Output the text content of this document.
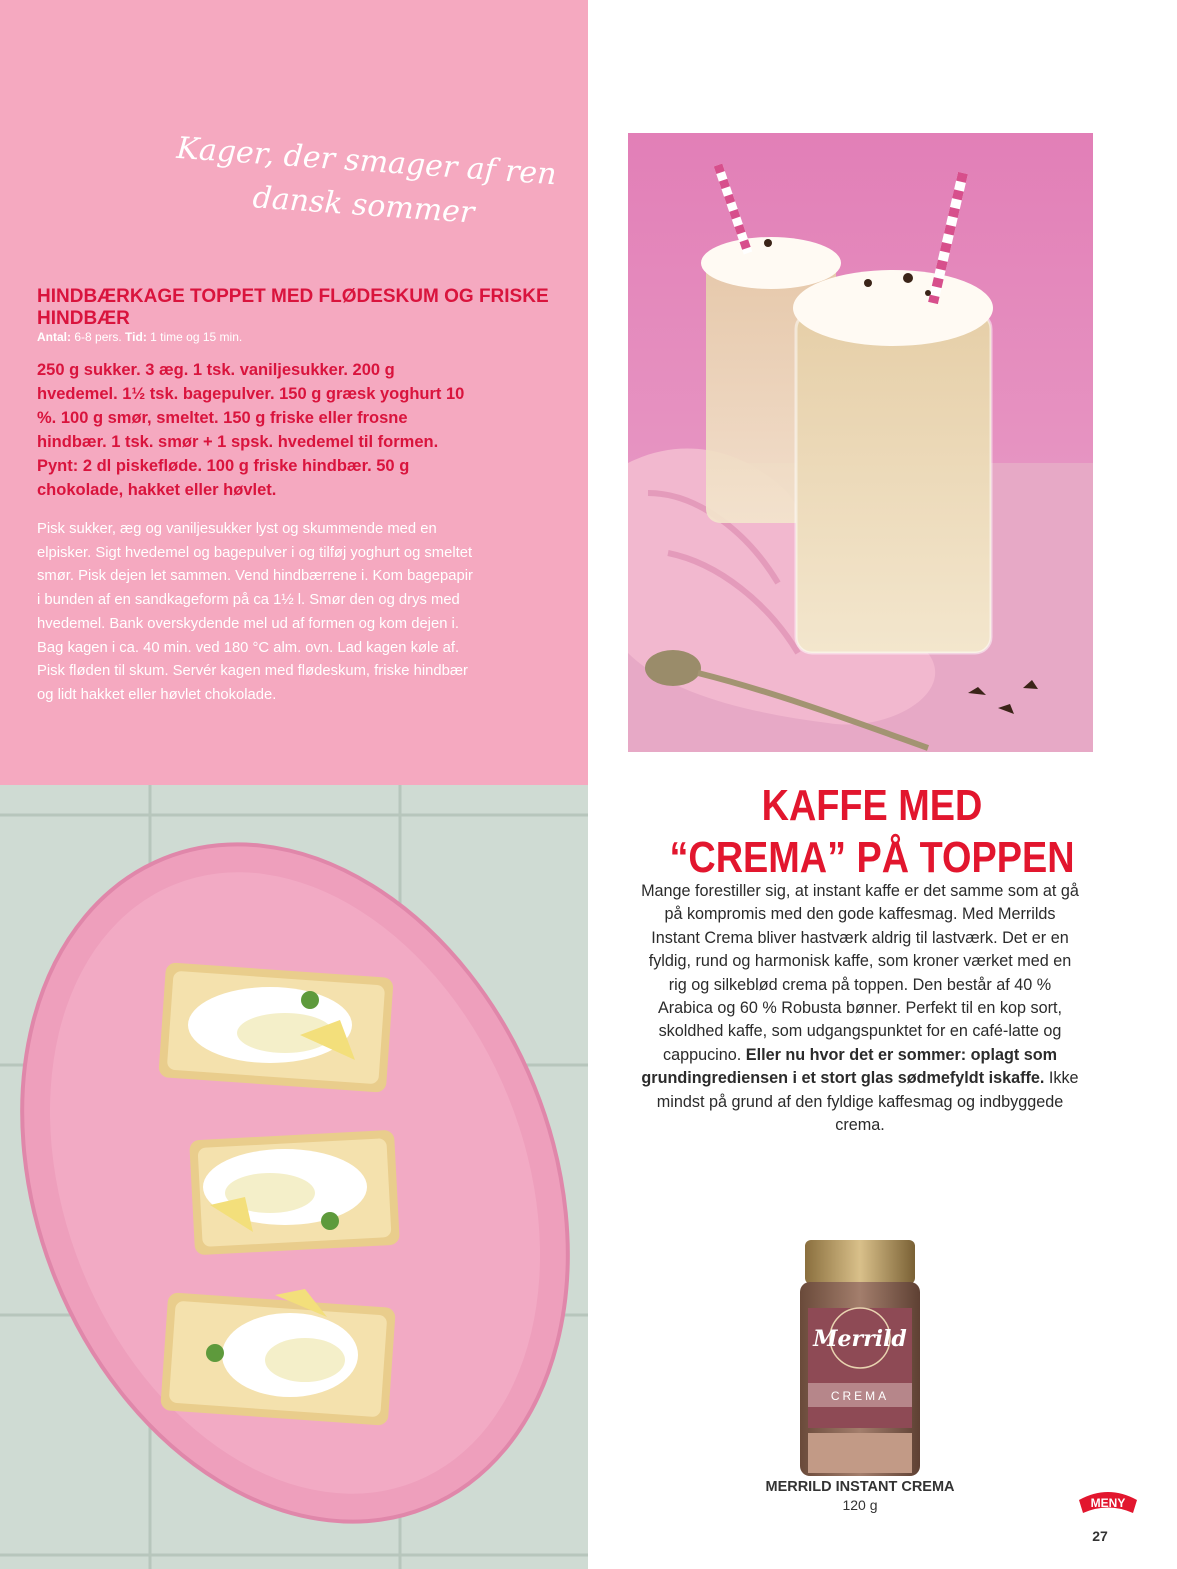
Kager, der smager af ren
dansk sommer
HINDBÆRKAGE TOPPET MED FLØDESKUM OG FRISKE HINDBÆR
Antal: 6-8 pers. Tid: 1 time og 15 min.

250 g sukker. 3 æg. 1 tsk. vaniljesukker. 200 g hvedemel. 1½ tsk. bagepulver. 150 g græsk yoghurt 10 %. 100 g smør, smeltet. 150 g friske eller frosne hindbær. 1 tsk. smør + 1 spsk. hvedemel til formen. Pynt: 2 dl piskefløde. 100 g friske hindbær. 50 g chokolade, hakket eller høvlet.

Pisk sukker, æg og vaniljesukker lyst og skummende med en elpisker. Sigt hvedemel og bagepulver i og tilføj yoghurt og smeltet smør. Pisk dejen let sammen. Vend hindbærrene i. Kom bagepapir i bunden af en sandkageform på ca 1½ l. Smør den og drys med hvedemel. Bank overskydende mel ud af formen og kom dejen i. Bag kagen i ca. 40 min. ved 180 °C alm. ovn. Lad kagen køle af. Pisk fløden til skum. Servér kagen med flødeskum, friske hindbær og lidt hakket eller høvlet chokolade.

KAFFE MED
“CREMA” PÅ TOPPEN

Mange forestiller sig, at instant kaffe er det samme som at gå på kompromis med den gode kaffesmag. Med Merrilds Instant Crema bliver hastværk aldrig til lastværk. Det er en fyldig, rund og harmonisk kaffe, som kroner værket med en rig og silkeblød crema på toppen. Den består af 40 % Arabica og 60 % Robusta bønner. Perfekt til en kop sort, skoldhed kaffe, som udgangspunktet for en café-latte og cappucino. Eller nu hvor det er sommer: oplagt som grundingrediensen i et stort glas sødmefyldt iskaffe. Ikke mindst på grund af den fyldige kaffesmag og indbyggede crema.

Merrild
CREMA
MERRILD INSTANT CREMA
120 g	MENY
27
